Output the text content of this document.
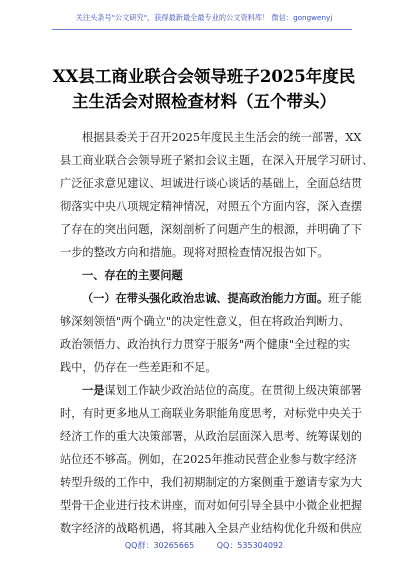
关注头条号"公文研究"，获得最新最全最专业的公文资料库！ 微信：gongwenyj
XX县工商业联合会领导班子2025年度民
主生活会对照检查材料（五个带头）
根据县委关于召开2025年度民主生活会的统一部署，XX
县工商业联合会领导班子紧扣会议主题，在深入开展学习研讨、
广泛征求意见建议、坦诚进行谈心谈话的基础上，全面总结贯
彻落实中央八项规定精神情况，对照五个方面内容，深入查摆
了存在的突出问题，深刻剖析了问题产生的根源，并明确了下
一步的整改方向和措施。现将对照检查情况报告如下。
一、存在的主要问题
（一）在带头强化政治忠诚、提高政治能力方面。班子能
够深刻领悟"两个确立"的决定性意义，但在将政治判断力、
政治领悟力、政治执行力贯穿于服务"两个健康"全过程的实
践中，仍存在一些差距和不足。
一是谋划工作缺少政治站位的高度。在贯彻上级决策部署
时，有时更多地从工商联业务职能角度思考，对标党中央关于
经济工作的重大决策部署，从政治层面深入思考、统筹谋划的
站位还不够高。例如，在2025年推动民营企业参与数字经济
转型升级的工作中，我们初期制定的方案侧重于邀请专家为大
型骨干企业进行技术讲座，而对如何引导全县中小微企业把握
数字经济的战略机遇，将其融入全县产业结构优化升级和供应
QQ群：30265665	QQ：535304092
